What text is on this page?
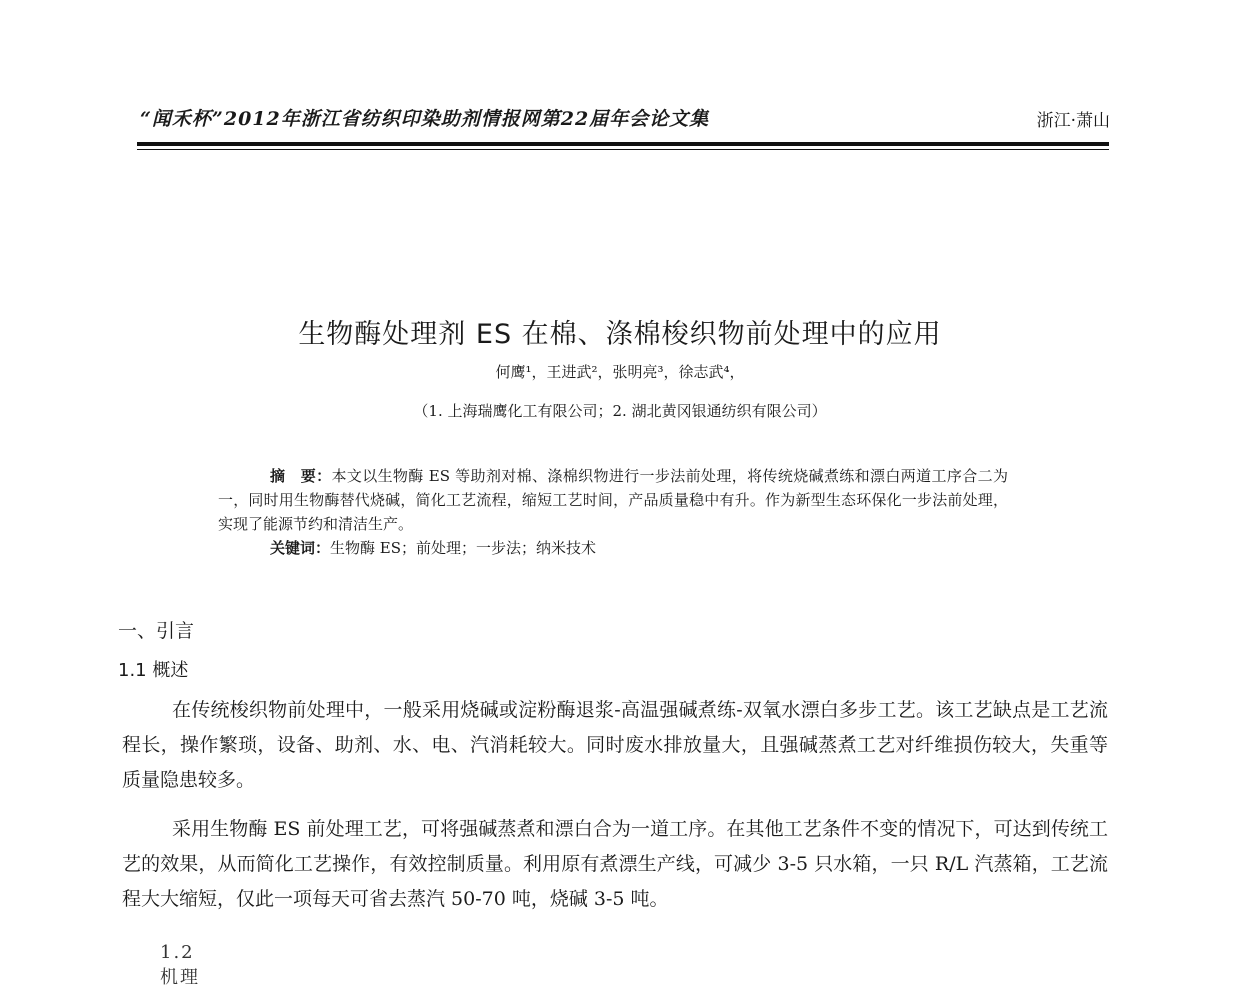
“闻禾杯”2012年浙江省纺织印染助剂情报网第22届年会论文集	浙江·萧山
生物酶处理剂 ES 在棉、涤棉梭织物前处理中的应用
何鹰¹，王进武²，张明亮³，徐志武⁴，
（1. 上海瑞鹰化工有限公司；2. 湖北黄冈银通纺织有限公司）

摘　要：本文以生物酶 ES 等助剂对棉、涤棉织物进行一步法前处理，将传统烧碱煮练和漂白两道工序合二为一，同时用生物酶替代烧碱，简化工艺流程，缩短工艺时间，产品质量稳中有升。作为新型生态环保化一步法前处理，实现了能源节约和清洁生产。

关键词：生物酶 ES；前处理；一步法；纳米技术

一、引言
1.1 概述

在传统梭织物前处理中，一般采用烧碱或淀粉酶退浆-高温强碱煮练-双氧水漂白多步工艺。该工艺缺点是工艺流程长，操作繁琐，设备、助剂、水、电、汽消耗较大。同时废水排放量大，且强碱蒸煮工艺对纤维损伤较大，失重等质量隐患较多。

采用生物酶 ES 前处理工艺，可将强碱蒸煮和漂白合为一道工序。在其他工艺条件不变的情况下，可达到传统工艺的效果，从而简化工艺操作，有效控制质量。利用原有煮漂生产线，可减少 3-5 只水箱，一只 R/L 汽蒸箱，工艺流程大大缩短，仅此一项每天可省去蒸汽 50-70 吨，烧碱 3-5 吨。

1.2 机理
